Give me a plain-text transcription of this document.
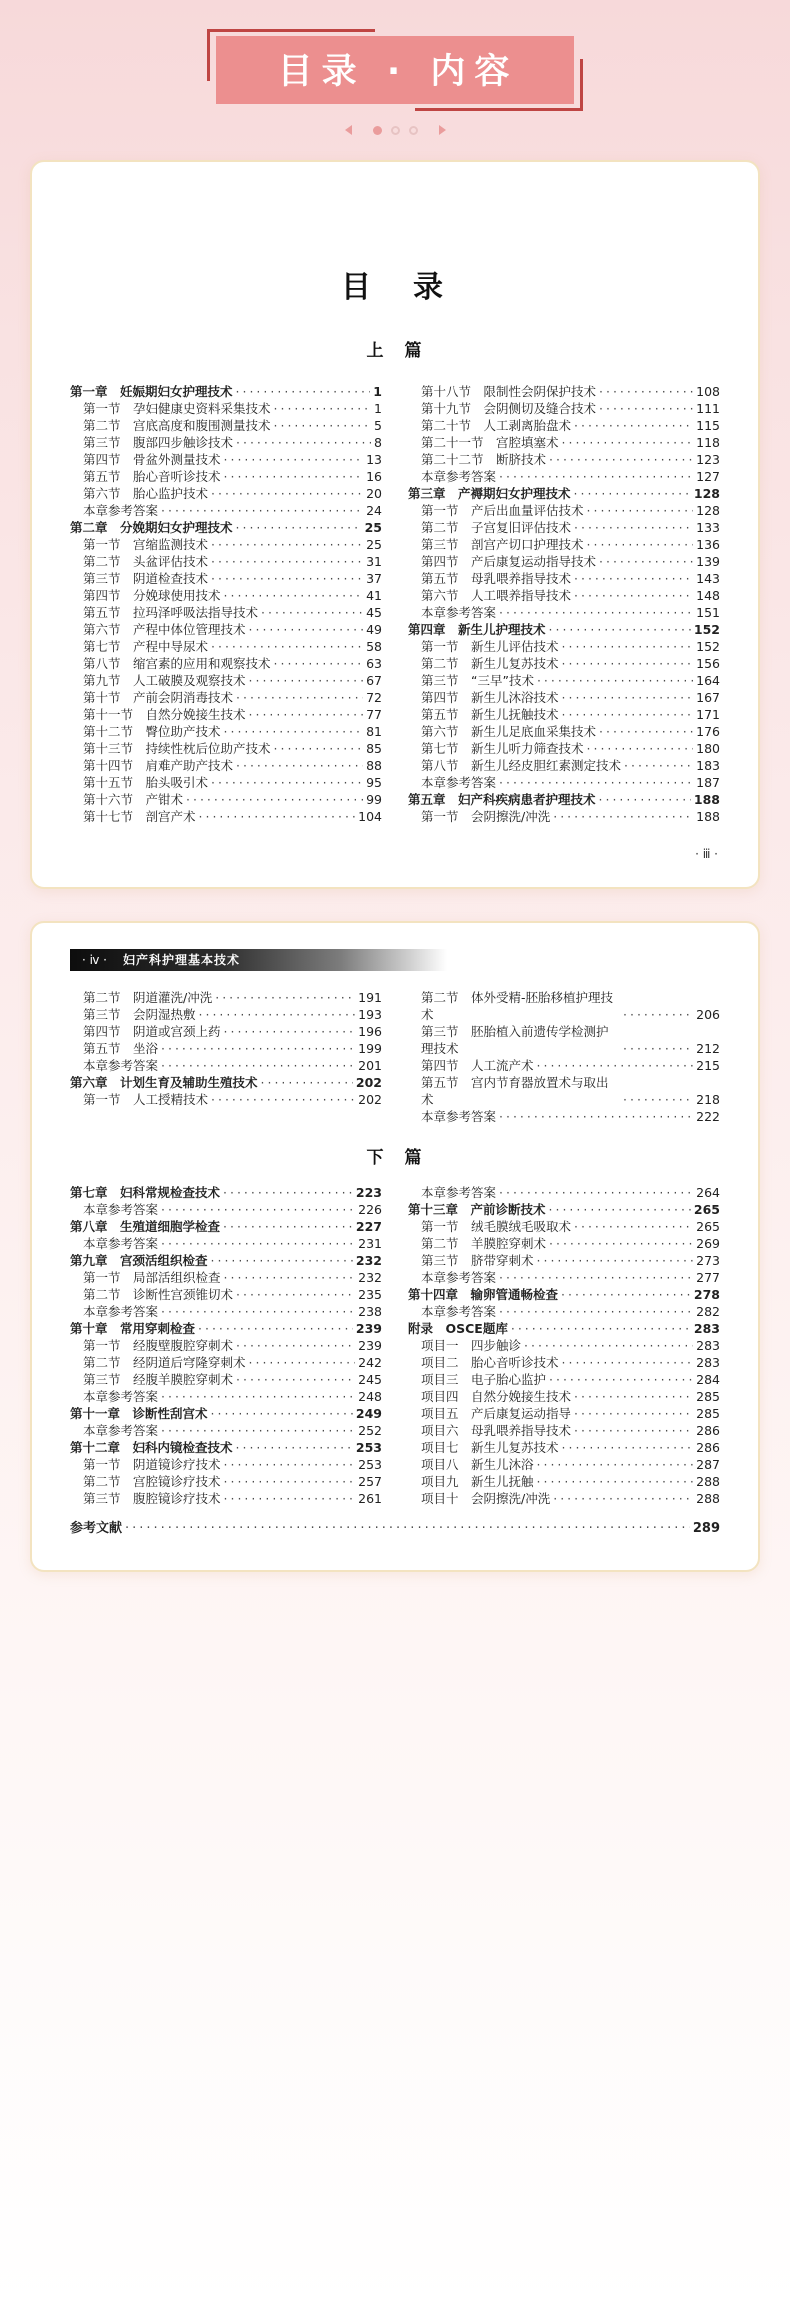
目录 · 内容
目　录
上　篇
第一章　妊娠期妇女护理技术 ·····	1
第一节　孕妇健康史资料采集技术 ·····	1
第二节　宫底高度和腹围测量技术 ·····	5
第三节　腹部四步触诊技术 ·····	8
第四节　骨盆外测量技术 ·····	13
第五节　胎心音听诊技术 ·····	16
第六节　胎心监护技术 ·····	20
本章参考答案 ·····	24
第二章　分娩期妇女护理技术 ·····	25
第一节　宫缩监测技术 ·····	25
第二节　头盆评估技术 ·····	31
第三节　阴道检查技术 ·····	37
第四节　分娩球使用技术 ·····	41
第五节　拉玛泽呼吸法指导技术 ·····	45
第六节　产程中体位管理技术 ·····	49
第七节　产程中导尿术 ·····	58
第八节　缩宫素的应用和观察技术 ·····	63
第九节　人工破膜及观察技术 ·····	67
第十节　产前会阴消毒技术 ·····	72
第十一节　自然分娩接生技术 ·····	77
第十二节　臀位助产技术 ·····	81
第十三节　持续性枕后位助产技术 ·····	85
第十四节　肩难产助产技术 ·····	88
第十五节　胎头吸引术 ·····	95
第十六节　产钳术 ·····	99
第十七节　剖宫产术 ·····	104
第十八节　限制性会阴保护技术 ·····	108
第十九节　会阴侧切及缝合技术 ·····	111
第二十节　人工剥离胎盘术 ·····	115
第二十一节　宫腔填塞术 ·····	118
第二十二节　断脐技术 ·····	123
本章参考答案 ·····	127
第三章　产褥期妇女护理技术 ·····	128
第一节　产后出血量评估技术 ·····	128
第二节　子宫复旧评估技术 ·····	133
第三节　剖宫产切口护理技术 ·····	136
第四节　产后康复运动指导技术 ·····	139
第五节　母乳喂养指导技术 ·····	143
第六节　人工喂养指导技术 ·····	148
本章参考答案 ·····	151
第四章　新生儿护理技术 ·····	152
第一节　新生儿评估技术 ·····	152
第二节　新生儿复苏技术 ·····	156
第三节　“三早”技术 ·····	164
第四节　新生儿沐浴技术 ·····	167
第五节　新生儿抚触技术 ·····	171
第六节　新生儿足底血采集技术 ·····	176
第七节　新生儿听力筛查技术 ·····	180
第八节　新生儿经皮胆红素测定技术 ·····	183
本章参考答案 ·····	187
第五章　妇产科疾病患者护理技术 ·····	188
第一节　会阴擦洗/冲洗 ·····	188
· ⅲ ·
· ⅳ · 妇产科护理基本技术
第二节　阴道灌洗/冲洗 ·····	191
第三节　会阴湿热敷 ·····	193
第四节　阴道或宫颈上药 ·····	196
第五节　坐浴 ·····	199
本章参考答案 ·····	201
第六章　计划生育及辅助生殖技术 ·····	202
第一节　人工授精技术 ·····	202
第二节　体外受精-胚胎移植护理技术 ·····	206
第三节　胚胎植入前遗传学检测护理技术 ·····	212
第四节　人工流产术 ·····	215
第五节　宫内节育器放置术与取出术 ·····	218
本章参考答案 ·····	222
下　篇
第七章　妇科常规检查技术 ·····	223
本章参考答案 ·····	226
第八章　生殖道细胞学检查 ·····	227
本章参考答案 ·····	231
第九章　宫颈活组织检查 ·····	232
第一节　局部活组织检查 ·····	232
第二节　诊断性宫颈锥切术 ·····	235
本章参考答案 ·····	238
第十章　常用穿刺检查 ·····	239
第一节　经腹壁腹腔穿刺术 ·····	239
第二节　经阴道后穹隆穿刺术 ·····	242
第三节　经腹羊膜腔穿刺术 ·····	245
本章参考答案 ·····	248
第十一章　诊断性刮宫术 ·····	249
本章参考答案 ·····	252
第十二章　妇科内镜检查技术 ·····	253
第一节　阴道镜诊疗技术 ·····	253
第二节　宫腔镜诊疗技术 ·····	257
第三节　腹腔镜诊疗技术 ·····	261
本章参考答案 ·····	264
第十三章　产前诊断技术 ·····	265
第一节　绒毛膜绒毛吸取术 ·····	265
第二节　羊膜腔穿刺术 ·····	269
第三节　脐带穿刺术 ·····	273
本章参考答案 ·····	277
第十四章　输卵管通畅检查 ·····	278
本章参考答案 ·····	282
附录　OSCE题库 ·····	283
项目一　四步触诊 ·····	283
项目二　胎心音听诊技术 ·····	283
项目三　电子胎心监护 ·····	284
项目四　自然分娩接生技术 ·····	285
项目五　产后康复运动指导 ·····	285
项目六　母乳喂养指导技术 ·····	286
项目七　新生儿复苏技术 ·····	286
项目八　新生儿沐浴 ·····	287
项目九　新生儿抚触 ·····	288
项目十　会阴擦洗/冲洗 ·····	288
参考文献 ·····	289
